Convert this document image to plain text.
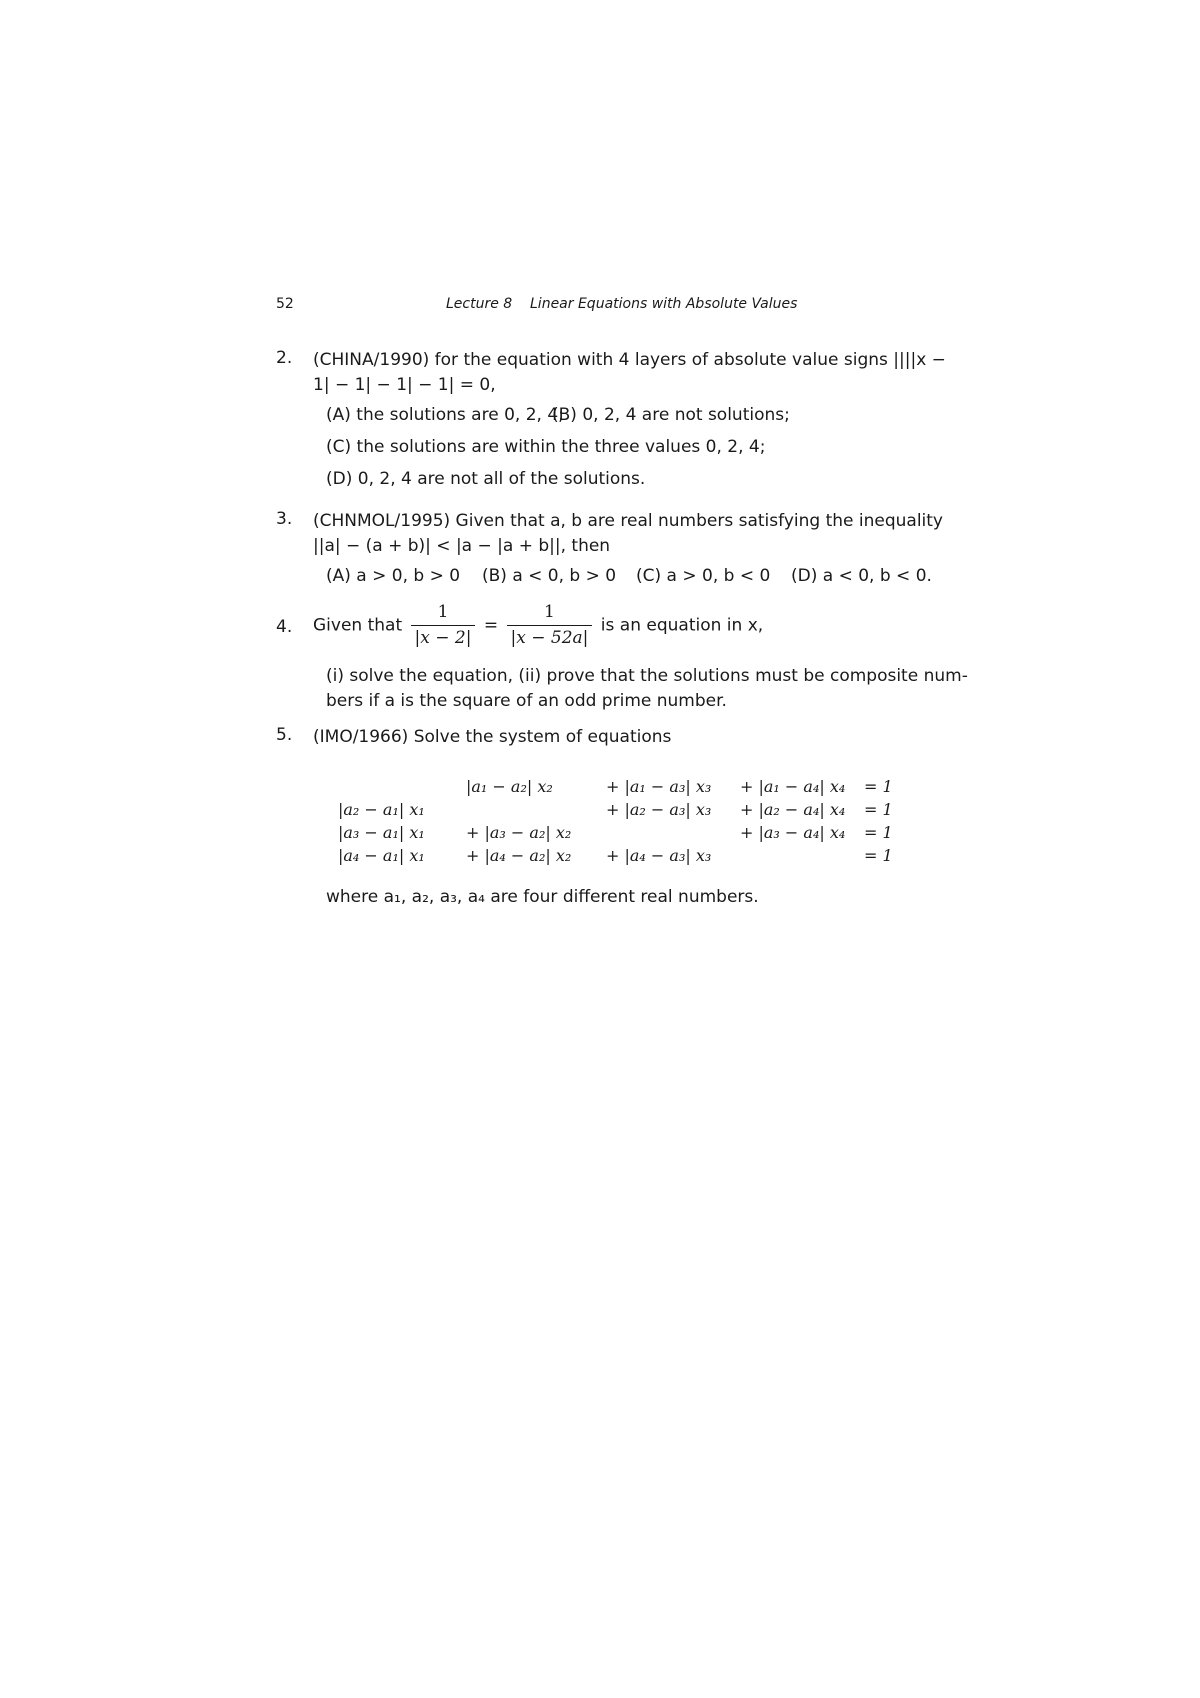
52	Lecture 8    Linear Equations with Absolute Values
2. (CHINA/1990) for the equation with 4 layers of absolute value signs ||||x −
1| − 1| − 1| − 1| = 0,
(A) the solutions are 0, 2, 4;
(B) 0, 2, 4 are not solutions;
(C) the solutions are within the three values 0, 2, 4;
(D) 0, 2, 4 are not all of the solutions.
3. (CHNMOL/1995) Given that a, b are real numbers satisfying the inequality
||a| − (a + b)| < |a − |a + b||, then
(A) a > 0, b > 0 (B) a < 0, b > 0 (C) a > 0, b < 0 (D) a < 0, b < 0.
4. Given that $\frac{1}{|x - 2|} = \frac{1}{|x - 52a|}$ is an equation in x,
(i) solve the equation, (ii) prove that the solutions must be composite num-
bers if a is the square of an odd prime number.
5. (IMO/1966) Solve the system of equations
	|a₁ − a₂| x₂	+ |a₁ − a₃| x₃	+ |a₁ − a₄| x₄	= 1
|a₂ − a₁| x₁		+ |a₂ − a₃| x₃	+ |a₂ − a₄| x₄	= 1
|a₃ − a₁| x₁	+ |a₃ − a₂| x₂		+ |a₃ − a₄| x₄	= 1
|a₄ − a₁| x₁	+ |a₄ − a₂| x₂	+ |a₄ − a₃| x₃		= 1
where a₁, a₂, a₃, a₄ are four different real numbers.
